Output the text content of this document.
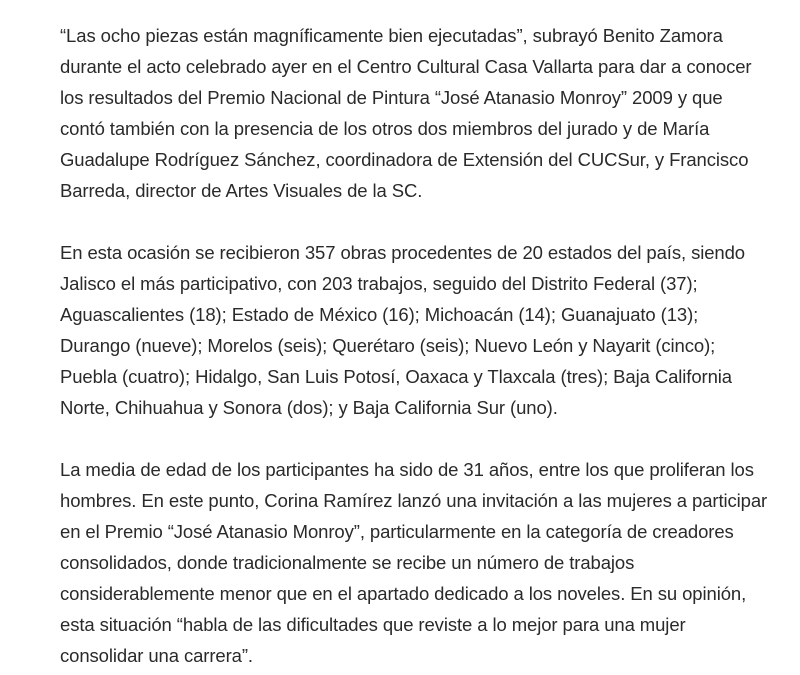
“Las ocho piezas están magníficamente bien ejecutadas”, subrayó Benito Zamora durante el acto celebrado ayer en el Centro Cultural Casa Vallarta para dar a conocer los resultados del Premio Nacional de Pintura “José Atanasio Monroy” 2009 y que contó también con la presencia de los otros dos miembros del jurado y de María Guadalupe Rodríguez Sánchez, coordinadora de Extensión del CUCSur, y Francisco Barreda, director de Artes Visuales de la SC.

En esta ocasión se recibieron 357 obras procedentes de 20 estados del país, siendo Jalisco el más participativo, con 203 trabajos, seguido del Distrito Federal (37); Aguascalientes (18); Estado de México (16); Michoacán (14); Guanajuato (13); Durango (nueve); Morelos (seis); Querétaro (seis); Nuevo León y Nayarit (cinco); Puebla (cuatro); Hidalgo, San Luis Potosí, Oaxaca y Tlaxcala (tres); Baja California Norte, Chihuahua y Sonora (dos); y Baja California Sur (uno).

La media de edad de los participantes ha sido de 31 años, entre los que proliferan los hombres. En este punto, Corina Ramírez lanzó una invitación a las mujeres a participar en el Premio “José Atanasio Monroy”, particularmente en la categoría de creadores consolidados, donde tradicionalmente se recibe un número de trabajos considerablemente menor que en el apartado dedicado a los noveles. En su opinión, esta situación “habla de las dificultades que reviste a lo mejor para una mujer consolidar una carrera”.
